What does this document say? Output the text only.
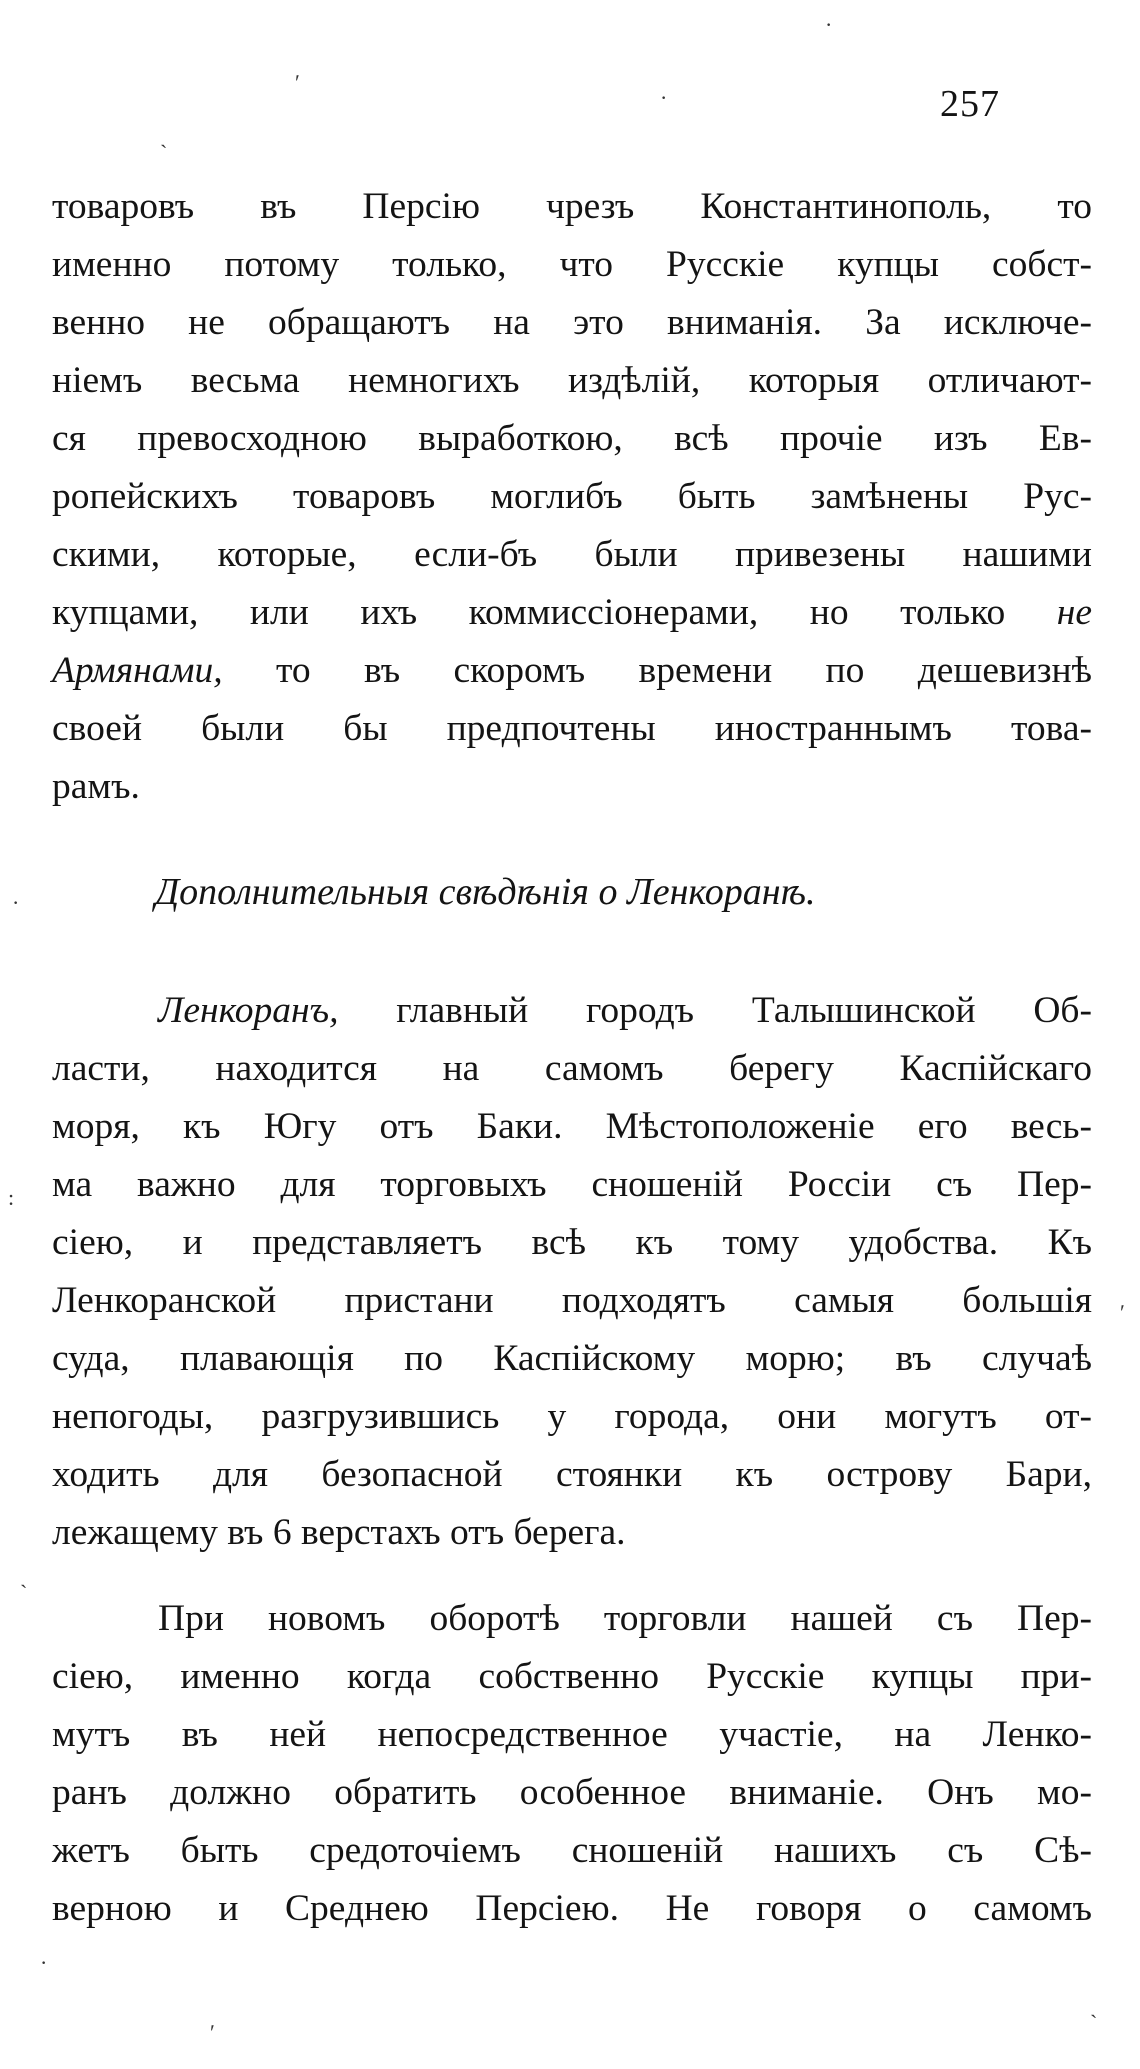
257
товаровъ въ Персію чрезъ Константинополь, то
именно потому только, что Русскіе купцы собст-
венно не обращаютъ на это вниманія. За исключе-
ніемъ весьма немногихъ издѣлій, которыя отличают-
ся превосходною выработкою, всѣ прочіе изъ Ев-
ропейскихъ товаровъ моглибъ быть замѣнены Рус-
скими, которые, если-бъ были привезены нашими
купцами, или ихъ коммиссіонерами, но только не
Армянами, то въ скоромъ времени по дешевизнѣ
своей были бы предпочтены иностраннымъ това-
рамъ.
Дополнительныя свѣдѣнія о Ленкоранѣ.
Ленкоранъ, главный городъ Талышинской Об-
ласти, находится на самомъ берегу Каспійскаго
моря, къ Югу отъ Баки. Мѣстоположеніе его весь-
ма важно для торговыхъ сношеній Россіи съ Пер-
сіею, и представляетъ всѣ къ тому удобства. Къ
Ленкоранской пристани подходятъ самыя большія
суда, плавающія по Каспійскому морю; въ случаѣ
непогоды, разгрузившись у города, они могутъ от-
ходить для безопасной стоянки къ острову Бари,
лежащему въ 6 верстахъ отъ берега.
При новомъ оборотѣ торговли нашей съ Пер-
сіею, именно когда собственно Русскіе купцы при-
мутъ въ ней непосредственное участіе, на Ленко-
ранъ должно обратить особенное вниманіе. Онъ мо-
жетъ быть средоточіемъ сношеній нашихъ съ Сѣ-
верною и Среднею Персіею. Не говоря о самомъ
·
ʹ
·
ˋ
·
:
ʹ
ˋ
·
ʹ	ˋ
